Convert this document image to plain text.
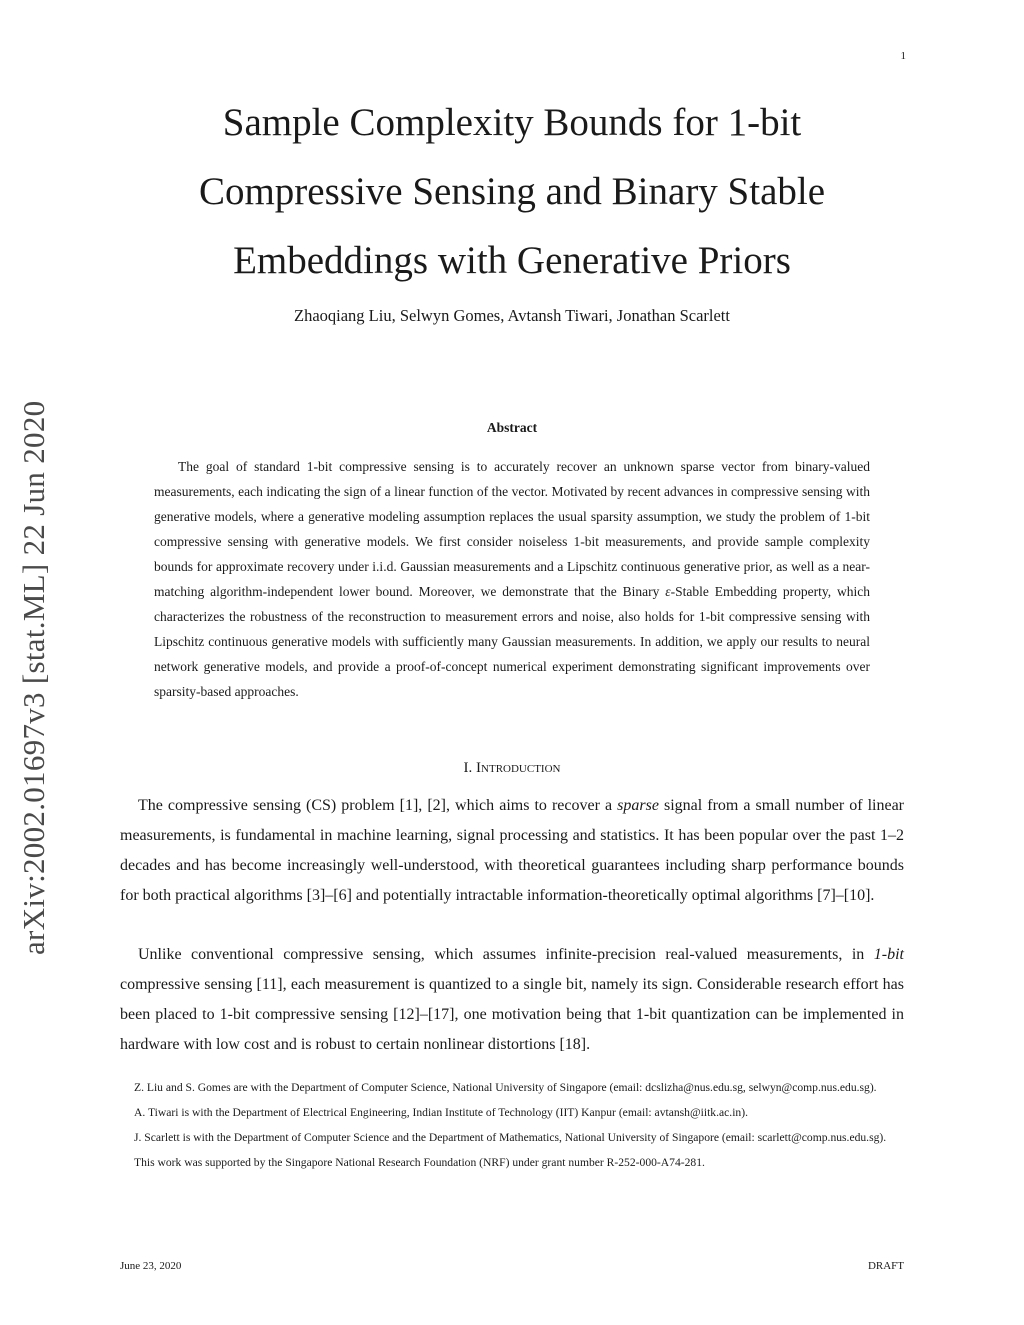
1
Sample Complexity Bounds for 1-bit
Compressive Sensing and Binary Stable
Embeddings with Generative Priors
Zhaoqiang Liu, Selwyn Gomes, Avtansh Tiwari, Jonathan Scarlett
arXiv:2002.01697v3 [stat.ML] 22 Jun 2020	Abstract

The goal of standard 1-bit compressive sensing is to accurately recover an unknown sparse vector from binary-valued measurements, each indicating the sign of a linear function of the vector. Motivated by recent advances in compressive sensing with generative models, where a generative modeling assumption replaces the usual sparsity assumption, we study the problem of 1-bit compressive sensing with generative models. We first consider noiseless 1-bit measurements, and provide sample complexity bounds for approximate recovery under i.i.d. Gaussian measurements and a Lipschitz continuous generative prior, as well as a near-matching algorithm-independent lower bound. Moreover, we demonstrate that the Binary ε-Stable Embedding property, which characterizes the robustness of the reconstruction to measurement errors and noise, also holds for 1-bit compressive sensing with Lipschitz continuous generative models with sufficiently many Gaussian measurements. In addition, we apply our results to neural network generative models, and provide a proof-of-concept numerical experiment demonstrating significant improvements over sparsity-based approaches.

I. Introduction

The compressive sensing (CS) problem [1], [2], which aims to recover a sparse signal from a small number of linear measurements, is fundamental in machine learning, signal processing and statistics. It has been popular over the past 1–2 decades and has become increasingly well-understood, with theoretical guarantees including sharp performance bounds for both practical algorithms [3]–[6] and potentially intractable information-theoretically optimal algorithms [7]–[10].

Unlike conventional compressive sensing, which assumes infinite-precision real-valued measurements, in 1-bit compressive sensing [11], each measurement is quantized to a single bit, namely its sign. Considerable research effort has been placed to 1-bit compressive sensing [12]–[17], one motivation being that 1-bit quantization can be implemented in hardware with low cost and is robust to certain nonlinear distortions [18].

Z. Liu and S. Gomes are with the Department of Computer Science, National University of Singapore (email: dcslizha@nus.edu.sg, selwyn@comp.nus.edu.sg).

A. Tiwari is with the Department of Electrical Engineering, Indian Institute of Technology (IIT) Kanpur (email: avtansh@iitk.ac.in).

J. Scarlett is with the Department of Computer Science and the Department of Mathematics, National University of Singapore (email: scarlett@comp.nus.edu.sg).

This work was supported by the Singapore National Research Foundation (NRF) under grant number R-252-000-A74-281.

June 23, 2020	DRAFT
